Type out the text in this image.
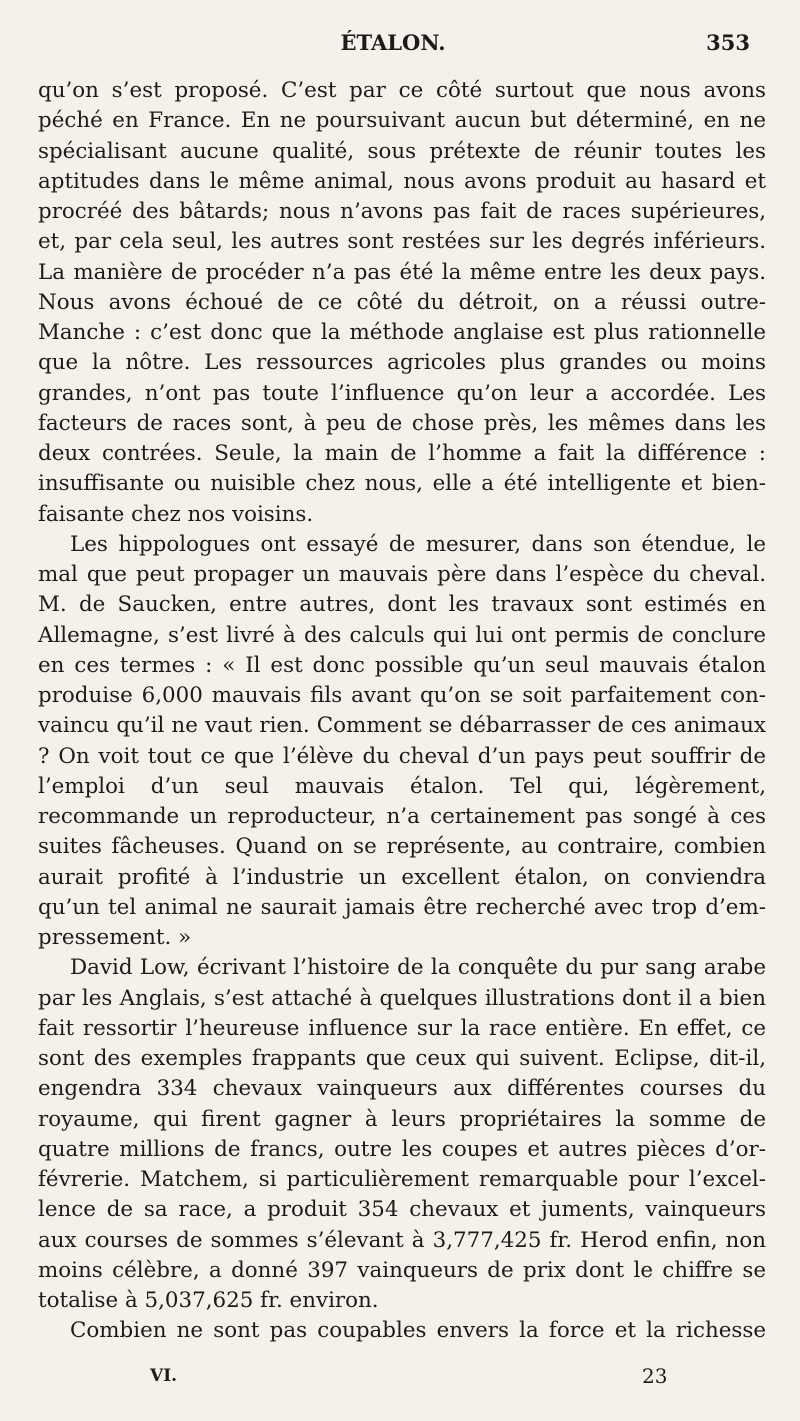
ÉTALON.	353

qu’on s’est proposé. C’est par ce côté surtout que nous avons péché en France. En ne poursuivant aucun but déterminé, en ne spécialisant aucune qualité, sous prétexte de réunir toutes les aptitudes dans le même animal, nous avons produit au hasard et procréé des bâtards; nous n’avons pas fait de races supérieures, et, par cela seul, les autres sont restées sur les degrés inférieurs. La manière de procéder n’a pas été la même entre les deux pays. Nous avons échoué de ce côté du détroit, on a réussi outre-Manche : c’est donc que la méthode anglaise est plus rationnelle que la nôtre. Les ressources agricoles plus grandes ou moins grandes, n’ont pas toute l’influence qu’on leur a accordée. Les facteurs de races sont, à peu de chose près, les mêmes dans les deux contrées. Seule, la main de l’homme a fait la différence : insuffisante ou nuisible chez nous, elle a été intelligente et bienfaisante chez nos voisins.

Les hippologues ont essayé de mesurer, dans son étendue, le mal que peut propager un mauvais père dans l’espèce du cheval. M. de Saucken, entre autres, dont les travaux sont estimés en Allemagne, s’est livré à des calculs qui lui ont permis de conclure en ces termes : « Il est donc possible qu’un seul mauvais étalon produise 6,000 mauvais fils avant qu’on se soit parfaitement convaincu qu’il ne vaut rien. Comment se débarrasser de ces animaux ? On voit tout ce que l’élève du cheval d’un pays peut souffrir de l’emploi d’un seul mauvais étalon. Tel qui, légèrement, recommande un reproducteur, n’a certainement pas songé à ces suites fâcheuses. Quand on se représente, au contraire, combien aurait profité à l’industrie un excellent étalon, on conviendra qu’un tel animal ne saurait jamais être recherché avec trop d’empressement. »

David Low, écrivant l’histoire de la conquête du pur sang arabe par les Anglais, s’est attaché à quelques illustrations dont il a bien fait ressortir l’heureuse influence sur la race entière. En effet, ce sont des exemples frappants que ceux qui suivent. Eclipse, dit-il, engendra 334 chevaux vainqueurs aux différentes courses du royaume, qui firent gagner à leurs propriétaires la somme de quatre millions de francs, outre les coupes et autres pièces d’orfévrerie. Matchem, si particulièrement remarquable pour l’excellence de sa race, a produit 354 chevaux et juments, vainqueurs aux courses de sommes s’élevant à 3,777,425 fr. Herod enfin, non moins célèbre, a donné 397 vainqueurs de prix dont le chiffre se totalise à 5,037,625 fr. environ.

Combien ne sont pas coupables envers la force et la richesse

VI.	23
